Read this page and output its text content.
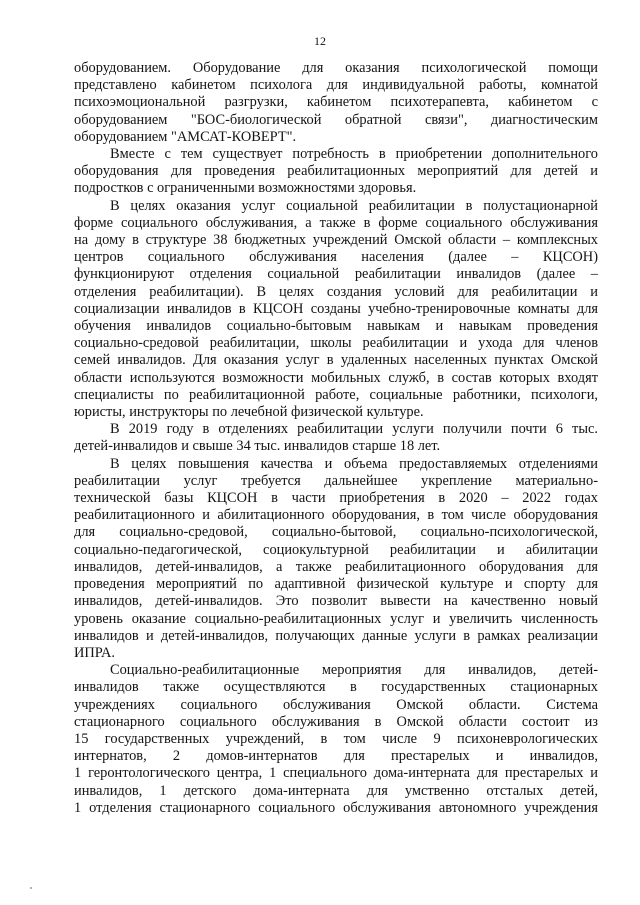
12

оборудованием. Оборудование для оказания психологической помощи

представлено кабинетом психолога для индивидуальной работы, комнатой

психоэмоциональной разгрузки, кабинетом психотерапевта, кабинетом с

оборудованием "БОС-биологической обратной связи", диагностическим

оборудованием "АМСАТ-КОВЕРТ".

Вместе с тем существует потребность в приобретении дополнительного

оборудования для проведения реабилитационных мероприятий для детей и

подростков с ограниченными возможностями здоровья.

В целях оказания услуг социальной реабилитации в полустационарной

форме социального обслуживания, а также в форме социального обслуживания

на дому в структуре 38 бюджетных учреждений Омской области – комплексных

центров социального обслуживания населения (далее – КЦСОН)

функционируют отделения социальной реабилитации инвалидов (далее –

отделения реабилитации). В целях создания условий для реабилитации и

социализации инвалидов в КЦСОН созданы учебно-тренировочные комнаты для

обучения инвалидов социально-бытовым навыкам и навыкам проведения

социально-средовой реабилитации, школы реабилитации и ухода для членов

семей инвалидов. Для оказания услуг в удаленных населенных пунктах Омской

области используются возможности мобильных служб, в состав которых входят

специалисты по реабилитационной работе, социальные работники, психологи,

юристы, инструкторы по лечебной физической культуре.

В 2019 году в отделениях реабилитации услуги получили почти 6 тыс.

детей-инвалидов и свыше 34 тыс. инвалидов старше 18 лет.

В целях повышения качества и объема предоставляемых отделениями

реабилитации услуг требуется дальнейшее укрепление материально-

технической базы КЦСОН в части приобретения в 2020 – 2022 годах

реабилитационного и абилитационного оборудования, в том числе оборудования

для социально-средовой, социально-бытовой, социально-психологической,

социально-педагогической, социокультурной реабилитации и абилитации

инвалидов, детей-инвалидов, а также реабилитационного оборудования для

проведения мероприятий по адаптивной физической культуре и спорту для

инвалидов, детей-инвалидов. Это позволит вывести на качественно новый

уровень оказание социально-реабилитационных услуг и увеличить численность

инвалидов и детей-инвалидов, получающих данные услуги в рамках реализации

ИПРА.

Социально-реабилитационные мероприятия для инвалидов, детей-

инвалидов также осуществляются в государственных стационарных

учреждениях социального обслуживания Омской области. Система

стационарного социального обслуживания в Омской области состоит из

15 государственных учреждений, в том числе 9 психоневрологических

интернатов, 2 домов-интернатов для престарелых и инвалидов,

1 геронтологического центра, 1 специального дома-интерната для престарелых и

инвалидов, 1 детского дома-интерната для умственно отсталых детей,

1 отделения стационарного социального обслуживания автономного учреждения
